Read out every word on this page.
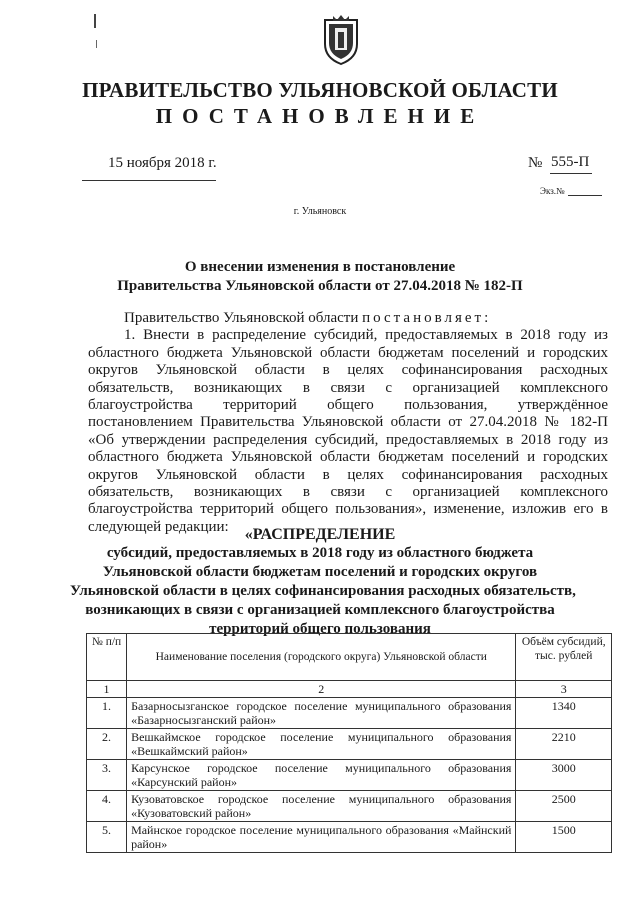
ПРАВИТЕЛЬСТВО УЛЬЯНОВСКОЙ ОБЛАСТИ
ПОСТАНОВЛЕНИЕ
15 ноября 2018 г.	№ 555-П
Экз.№
г. Ульяновск
О внесении изменения в постановление
Правительства Ульяновской области от 27.04.2018 № 182-П

Правительство Ульяновской области постановляет:

1. Внести в распределение субсидий, предоставляемых в 2018 году из областного бюджета Ульяновской области бюджетам поселений и городских округов Ульяновской области в целях софинансирования расходных обязательств, возникающих в связи с организацией комплексного благоустройства территорий общего пользования, утверждённое постановлением Правительства Ульяновской области от 27.04.2018 № 182-П «Об утверждении распределения субсидий, предоставляемых в 2018 году из областного бюджета Ульяновской области бюджетам поселений и городских округов Ульяновской области в целях софинансирования расходных обязательств, возникающих в связи с организацией комплексного благоустройства территорий общего пользования», изменение, изложив его в следующей редакции:	«РАСПРЕДЕЛЕНИЕ
субсидий, предоставляемых в 2018 году из областного бюджета
Ульяновской области бюджетам поселений и городских округов
Ульяновской области в целях софинансирования расходных обязательств,
возникающих в связи с организацией комплексного благоустройства
территорий общего пользования
№ п/п	Наименование поселения (городского округа) Ульяновской области	Объём субсидий, тыс. рублей
1	2	3
1.	Базарносызганское городское поселение муниципального образования «Базарносызганский район»	1340
2.	Вешкаймское городское поселение муниципального образования «Вешкаймский район»	2210
3.	Карсунское городское поселение муниципального образования «Карсунский район»	3000
4.	Кузоватовское городское поселение муниципального образования «Кузоватовский район»	2500
5.	Майнское городское поселение муниципального образования «Майнский район»	1500
